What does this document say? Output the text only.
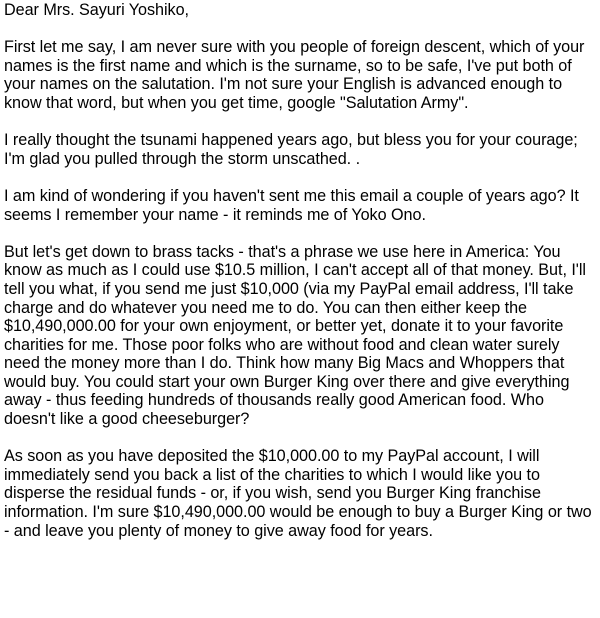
Dear Mrs. Sayuri Yoshiko,

First let me say, I am never sure with you people of foreign descent, which of your names is the first name and which is the surname, so to be safe, I've put both of your names on the salutation. I'm not sure your English is advanced enough to know that word, but when you get time, google "Salutation Army".

I really thought the tsunami happened years ago, but bless you for your courage; I'm glad you pulled through the storm unscathed. .

I am kind of wondering if you haven't sent me this email a couple of years ago? It seems I remember your name - it reminds me of Yoko Ono.

But let's get down to brass tacks - that's a phrase we use here in America: You know as much as I could use $10.5 million, I can't accept all of that money. But, I'll tell you what, if you send me just $10,000 (via my PayPal email address, I'll take charge and do whatever you need me to do. You can then either keep the $10,490,000.00 for your own enjoyment, or better yet, donate it to your favorite charities for me. Those poor folks who are without food and clean water surely need the money more than I do. Think how many Big Macs and Whoppers that would buy. You could start your own Burger King over there and give everything away - thus feeding hundreds of thousands really good American food. Who doesn't like a good cheeseburger?

As soon as you have deposited the $10,000.00 to my PayPal account, I will immediately send you back a list of the charities to which I would like you to disperse the residual funds - or, if you wish, send you Burger King franchise information. I'm sure $10,490,000.00 would be enough to buy a Burger King or two - and leave you plenty of money to give away food for years.
